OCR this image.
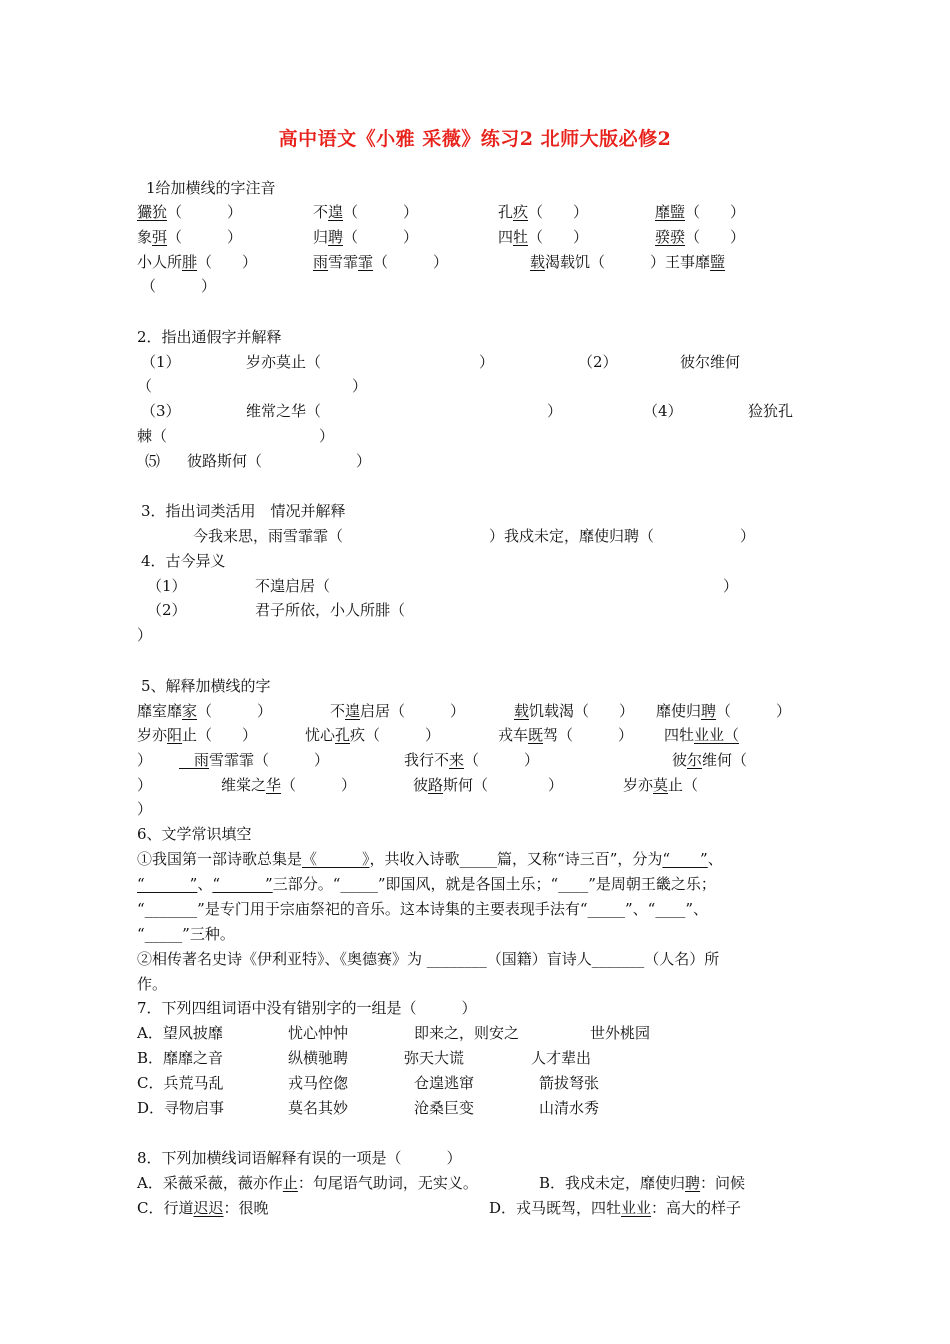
高中语文《小雅 采薇》练习2 北师大版必修2
1给加横线的字注音
玁狁（　　　）	不遑（　　　）	孔疚（　　）	靡盬（　　）
象弭（　　　）	归聘（　　　）	四牡（　　）	骙骙（　　）
小人所腓（　　）	雨雪霏霏（　　　）	载渴载饥（　　　）王事靡盬
（　　　）
2．指出通假字并解释
（1）	岁亦莫止（	）	（2）	彼尔维何
（	）
（3）	维常之华（	）	（4）	猃狁孔
棘（	）
⑸ 彼路斯何（	）
3．指出词类活用　情况并解释
今我来思，雨雪霏霏（	）我戍未定，靡使归聘（	）
4．古今异义
（1）	不遑启居（	）
（2）	君子所依，小人所腓（
）
5、解释加横线的字
靡室靡家（　　　）	不遑启居（　　　）	载饥载渴（　　） 靡使归聘（　　　）
岁亦阳止（　　）	忧心孔疚（　　　）	戎车既驾（　　　） 四牡业业（
）
 	雨雪霏霏（　　　）	我行不来（　　　）	彼尔维何（
）	维棠之华（　　　）	彼路斯何（　　　　）	岁亦莫止（
）
6、文学常识填空
①我国第一部诗歌总集是《　　　》，共收入诗歌_____篇，又称“诗三百”，分为“　　”、
“　　　”、“　　　”三部分。“_____”即国风，就是各国土乐；“____”是周朝王畿之乐；
“_______”是专门用于宗庙祭祀的音乐。这本诗集的主要表现手法有“_____”、“____”、
“_____”三种。
②相传著名史诗《伊利亚特》、《奥德赛》为 ________（国籍）盲诗人_______（人名）所
作。
7．下列四组词语中没有错别字的一组是（　　　）
A．望风披靡	忧心忡忡	即来之，则安之	世外桃园
B．靡靡之音	纵横驰聘	弥天大谎	人才辈出
C．兵荒马乱	戎马倥偬	仓遑逃窜	箭拔弩张
D．寻物启事	莫名其妙	沧桑巨变	山清水秀
8．下列加横线词语解释有误的一项是（　　　）
A．采薇采薇，薇亦作止：句尾语气助词，无实义。	B．我戍未定，靡使归聘：问候
C．行道迟迟：很晚	D．戎马既驾，四牡业业：高大的样子
